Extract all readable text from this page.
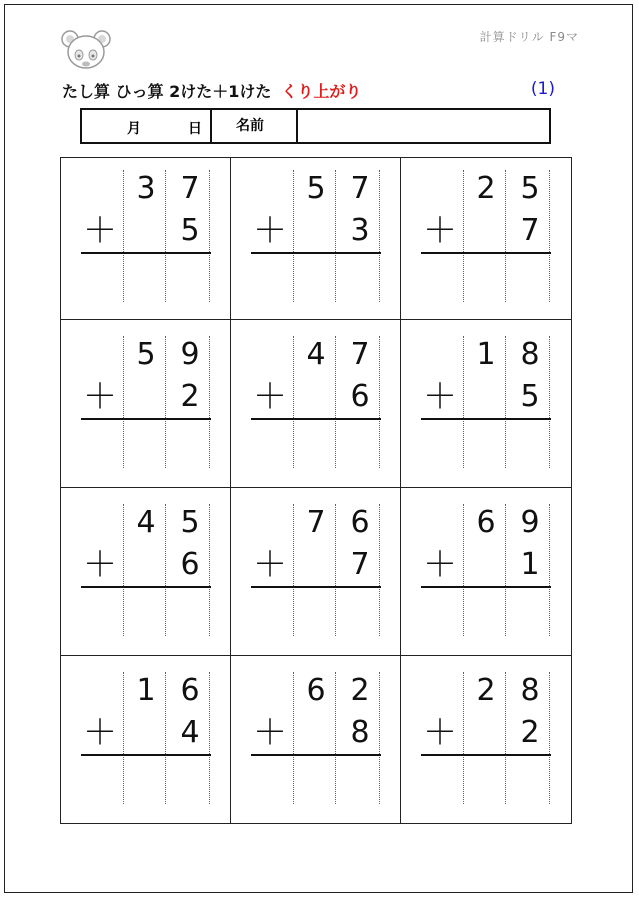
計算ドリル F9マ
たし算 ひっ算 2けた＋1けた くり上がり	(1)
月	日	名前
3 7
＋ 5
5 7
＋ 3
2 5
＋ 7
5 9
＋ 2
4 7
＋ 6
1 8
＋ 5
4 5
＋ 6
7 6
＋ 7
6 9
＋ 1
1 6
＋ 4
6 2
＋ 8
2 8
＋ 2
